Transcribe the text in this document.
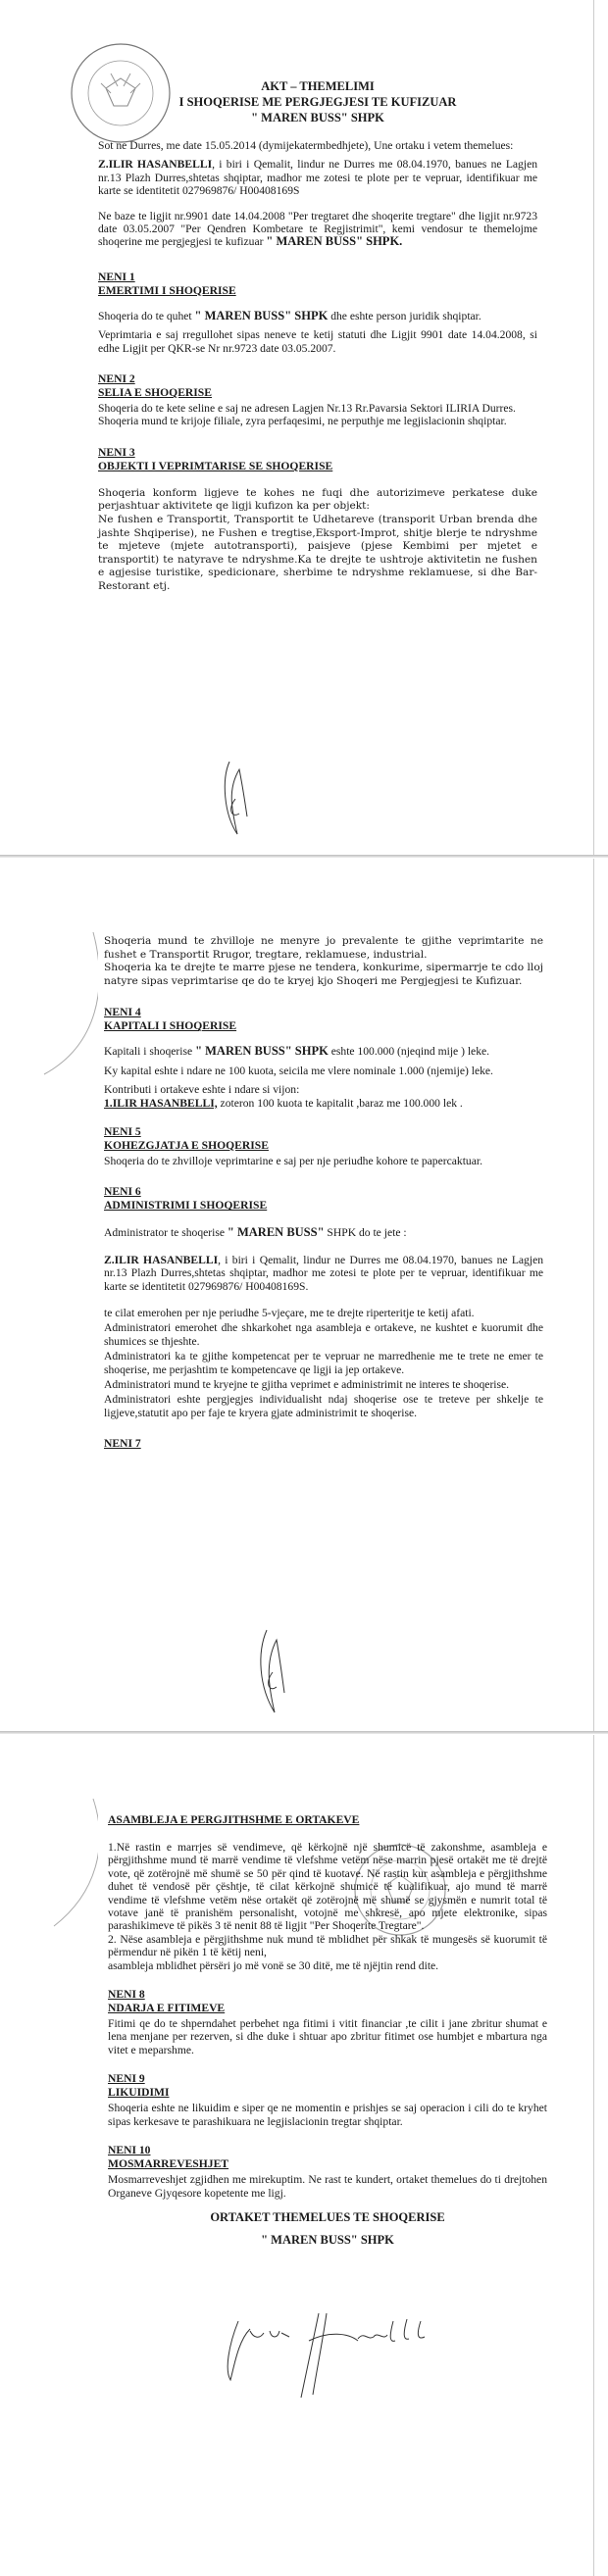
AKT – THEMELIMI
I SHOQERISE ME PERGJEGJESI TE KUFIZUAR
" MAREN BUSS" SHPK

Sot ne Durres, me date 15.05.2014 (dymijekatermbedhjete), Une ortaku i vetem themelues:

Z.ILIR HASANBELLI, i biri i Qemalit, lindur ne Durres me 08.04.1970, banues ne Lagjen nr.13 Plazh Durres,shtetas shqiptar, madhor me zotesi te plote per te vepruar, identifikuar me karte se identitetit 027969876/ H00408169S

Ne baze te ligjit nr.9901 date 14.04.2008 "Per tregtaret dhe shoqerite tregtare" dhe ligjit nr.9723 date 03.05.2007 "Per Qendren Kombetare te Regjistrimit", kemi vendosur te themelojme shoqerine me pergjegjesi te kufizuar " MAREN BUSS" SHPK.

NENI 1
EMERTIMI I SHOQERISE

Shoqeria do te quhet " MAREN BUSS" SHPK dhe eshte person juridik shqiptar.

Veprimtaria e saj rregullohet sipas neneve te ketij statuti dhe Ligjit 9901 date 14.04.2008, si edhe Ligjit per QKR-se Nr nr.9723 date 03.05.2007.

NENI 2
SELIA E SHOQERISE

Shoqeria do te kete seline e saj ne adresen Lagjen Nr.13 Rr.Pavarsia Sektori ILIRIA Durres.

Shoqeria mund te krijoje filiale, zyra perfaqesimi, ne perputhje me legjislacionin shqiptar.

NENI 3
OBJEKTI I VEPRIMTARISE SE SHOQERISE

Shoqeria konform ligjeve te kohes ne fuqi dhe autorizimeve perkatese duke perjashtuar aktivitete qe ligji kufizon ka per objekt:

Ne fushen e Transportit, Transportit te Udhetareve (transporit Urban brenda dhe jashte Shqiperise), ne Fushen e tregtise,Eksport-Improt, shitje blerje te ndryshme te mjeteve (mjete autotransporti), paisjeve (pjese Kembimi per mjetet e transportit) te natyrave te ndryshme.Ka te drejte te ushtroje aktivitetin ne fushen e agjesise turistike, spedicionare, sherbime te ndryshme reklamuese, si dhe Bar-Restorant etj.

Shoqeria mund te zhvilloje ne menyre jo prevalente te gjithe veprimtarite ne fushet e Transportit Rrugor, tregtare, reklamuese, industrial.

Shoqeria ka te drejte te marre pjese ne tendera, konkurime, sipermarrje te cdo lloj natyre sipas veprimtarise qe do te kryej kjo Shoqeri me Pergjegjesi te Kufizuar.

NENI 4
KAPITALI I SHOQERISE

Kapitali i shoqerise " MAREN BUSS" SHPK eshte 100.000 (njeqind mije ) leke.

Ky kapital eshte i ndare ne 100 kuota, seicila me vlere nominale 1.000 (njemije) leke.

Kontributi i ortakeve eshte i ndare si vijon:

1.ILIR HASANBELLI, zoteron 100 kuota te kapitalit ,baraz me 100.000 lek .

NENI 5
KOHEZGJATJA E SHOQERISE

Shoqeria do te zhvilloje veprimtarine e saj per nje periudhe kohore te papercaktuar.

NENI 6
ADMINISTRIMI I SHOQERISE

Administrator te shoqerise " MAREN BUSS" SHPK do te jete :

Z.ILIR HASANBELLI, i biri i Qemalit, lindur ne Durres me 08.04.1970, banues ne Lagjen nr.13 Plazh Durres,shtetas shqiptar, madhor me zotesi te plote per te vepruar, identifikuar me karte se identitetit 027969876/ H00408169S.

te cilat emerohen per nje periudhe 5-vjeçare, me te drejte riperteritje te ketij afati.

Administratori emerohet dhe shkarkohet nga asambleja e ortakeve, ne kushtet e kuorumit dhe shumices se thjeshte.

Administratori ka te gjithe kompetencat per te vepruar ne marredhenie me te trete ne emer te shoqerise, me perjashtim te kompetencave qe ligji ia jep ortakeve.

Administratori mund te kryejne te gjitha veprimet e administrimit ne interes te shoqerise.

Administratori eshte pergjegjes individualisht ndaj shoqerise ose te treteve per shkelje te ligjeve,statutit apo per faje te kryera gjate administrimit te shoqerise.

NENI 7
ASAMBLEJA E PERGJITHSHME E ORTAKEVE

1.Në rastin e marrjes së vendimeve, që kërkojnë një shumicë të zakonshme, asambleja e përgjithshme mund të marrë vendime të vlefshme vetëm nëse marrin pjesë ortakët me të drejtë vote, që zotërojnë më shumë se 50 për qind të kuotave. Në rastin kur asambleja e përgjithshme duhet të vendosë për çështje, të cilat kërkojnë shumicë të kualifikuar, ajo mund të marrë vendime të vlefshme vetëm nëse ortakët që zotërojnë më shumë se gjysmën e numrit total të votave janë të pranishëm personalisht, votojnë me shkresë, apo mjete elektronike, sipas parashikimeve të pikës 3 të nenit 88 të ligjit "Per Shoqerite Tregtare".

2. Nëse asambleja e përgjithshme nuk mund të mblidhet për shkak të mungesës së kuorumit të përmendur në pikën 1 të këtij neni,

asambleja mblidhet përsëri jo më vonë se 30 ditë, me të njëjtin rend dite.

NENI 8
NDARJA E FITIMEVE

Fitimi qe do te shperndahet perbehet nga fitimi i vitit financiar ,te cilit i jane zbritur shumat e lena menjane per rezerven, si dhe duke i shtuar apo zbritur fitimet ose humbjet e mbartura nga vitet e meparshme.

NENI 9
LIKUIDIMI

Shoqeria eshte ne likuidim e siper qe ne momentin e prishjes se saj operacion i cili do te kryhet sipas kerkesave te parashikuara ne legjislacionin tregtar shqiptar.

NENI 10
MOSMARREVESHJET

Mosmarreveshjet zgjidhen me mirekuptim. Ne rast te kundert, ortaket themelues do ti drejtohen Organeve Gjyqesore kopetente me ligj.

ORTAKET THEMELUES TE SHOQERISE
" MAREN BUSS" SHPK
